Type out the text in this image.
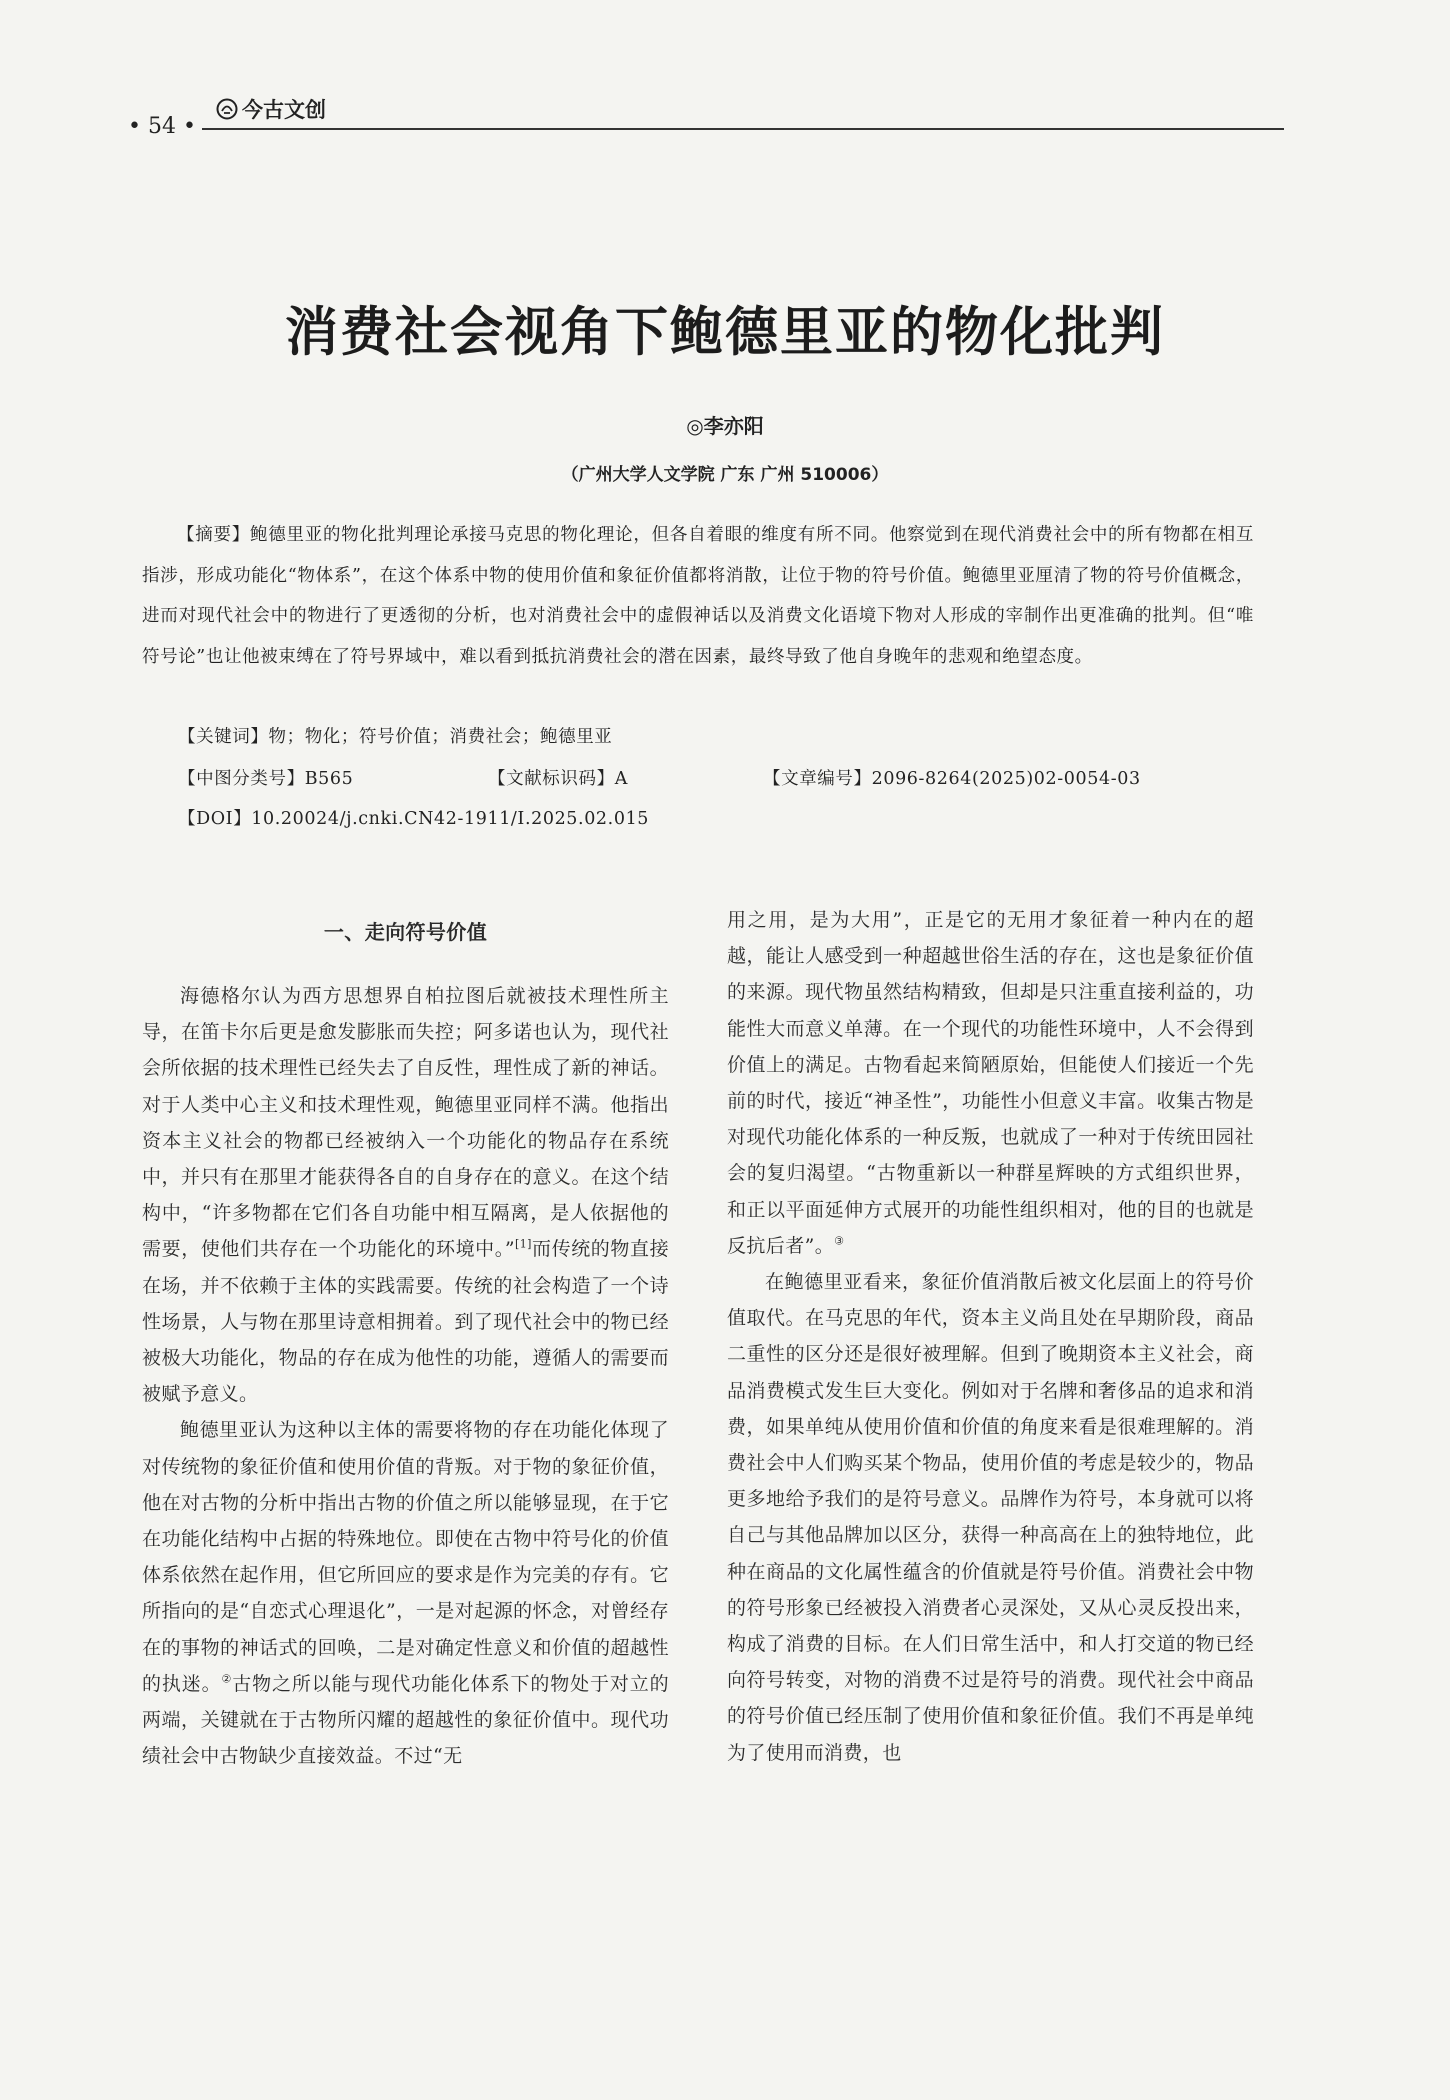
• 54 •
今古文创
消费社会视角下鲍德里亚的物化批判
◎李亦阳
（广州大学人文学院 广东 广州 510006）

【摘要】鲍德里亚的物化批判理论承接马克思的物化理论，但各自着眼的维度有所不同。他察觉到在现代消费社会中的所有物都在相互指涉，形成功能化“物体系”，在这个体系中物的使用价值和象征价值都将消散，让位于物的符号价值。鲍德里亚厘清了物的符号价值概念，进而对现代社会中的物进行了更透彻的分析，也对消费社会中的虚假神话以及消费文化语境下物对人形成的宰制作出更准确的批判。但“唯符号论”也让他被束缚在了符号界域中，难以看到抵抗消费社会的潜在因素，最终导致了他自身晚年的悲观和绝望态度。

【关键词】物；物化；符号价值；消费社会；鲍德里亚
【中图分类号】B565	【文献标识码】A	【文章编号】2096-8264(2025)02-0054-03
【DOI】10.20024/j.cnki.CN42-1911/I.2025.02.015
一、走向符号价值

海德格尔认为西方思想界自柏拉图后就被技术理性所主导，在笛卡尔后更是愈发膨胀而失控；阿多诺也认为，现代社会所依据的技术理性已经失去了自反性，理性成了新的神话。对于人类中心主义和技术理性观，鲍德里亚同样不满。他指出资本主义社会的物都已经被纳入一个功能化的物品存在系统中，并只有在那里才能获得各自的自身存在的意义。在这个结构中，“许多物都在它们各自功能中相互隔离，是人依据他的需要，使他们共存在一个功能化的环境中。”[1]而传统的物直接在场，并不依赖于主体的实践需要。传统的社会构造了一个诗性场景，人与物在那里诗意相拥着。到了现代社会中的物已经被极大功能化，物品的存在成为他性的功能，遵循人的需要而被赋予意义。

鲍德里亚认为这种以主体的需要将物的存在功能化体现了对传统物的象征价值和使用价值的背叛。对于物的象征价值，他在对古物的分析中指出古物的价值之所以能够显现，在于它在功能化结构中占据的特殊地位。即使在古物中符号化的价值体系依然在起作用，但它所回应的要求是作为完美的存有。它所指向的是“自恋式心理退化”，一是对起源的怀念，对曾经存在的事物的神话式的回唤，二是对确定性意义和价值的超越性的执迷。②古物之所以能与现代功能化体系下的物处于对立的两端，关键就在于古物所闪耀的超越性的象征价值中。现代功绩社会中古物缺少直接效益。不过“无

用之用，是为大用”，正是它的无用才象征着一种内在的超越，能让人感受到一种超越世俗生活的存在，这也是象征价值的来源。现代物虽然结构精致，但却是只注重直接利益的，功能性大而意义单薄。在一个现代的功能性环境中，人不会得到价值上的满足。古物看起来简陋原始，但能使人们接近一个先前的时代，接近“神圣性”，功能性小但意义丰富。收集古物是对现代功能化体系的一种反叛，也就成了一种对于传统田园社会的复归渴望。“古物重新以一种群星辉映的方式组织世界，和正以平面延伸方式展开的功能性组织相对，他的目的也就是反抗后者”。③

在鲍德里亚看来，象征价值消散后被文化层面上的符号价值取代。在马克思的年代，资本主义尚且处在早期阶段，商品二重性的区分还是很好被理解。但到了晚期资本主义社会，商品消费模式发生巨大变化。例如对于名牌和奢侈品的追求和消费，如果单纯从使用价值和价值的角度来看是很难理解的。消费社会中人们购买某个物品，使用价值的考虑是较少的，物品更多地给予我们的是符号意义。品牌作为符号，本身就可以将自己与其他品牌加以区分，获得一种高高在上的独特地位，此种在商品的文化属性蕴含的价值就是符号价值。消费社会中物的符号形象已经被投入消费者心灵深处，又从心灵反投出来，构成了消费的目标。在人们日常生活中，和人打交道的物已经向符号转变，对物的消费不过是符号的消费。现代社会中商品的符号价值已经压制了使用价值和象征价值。我们不再是单纯为了使用而消费，也
